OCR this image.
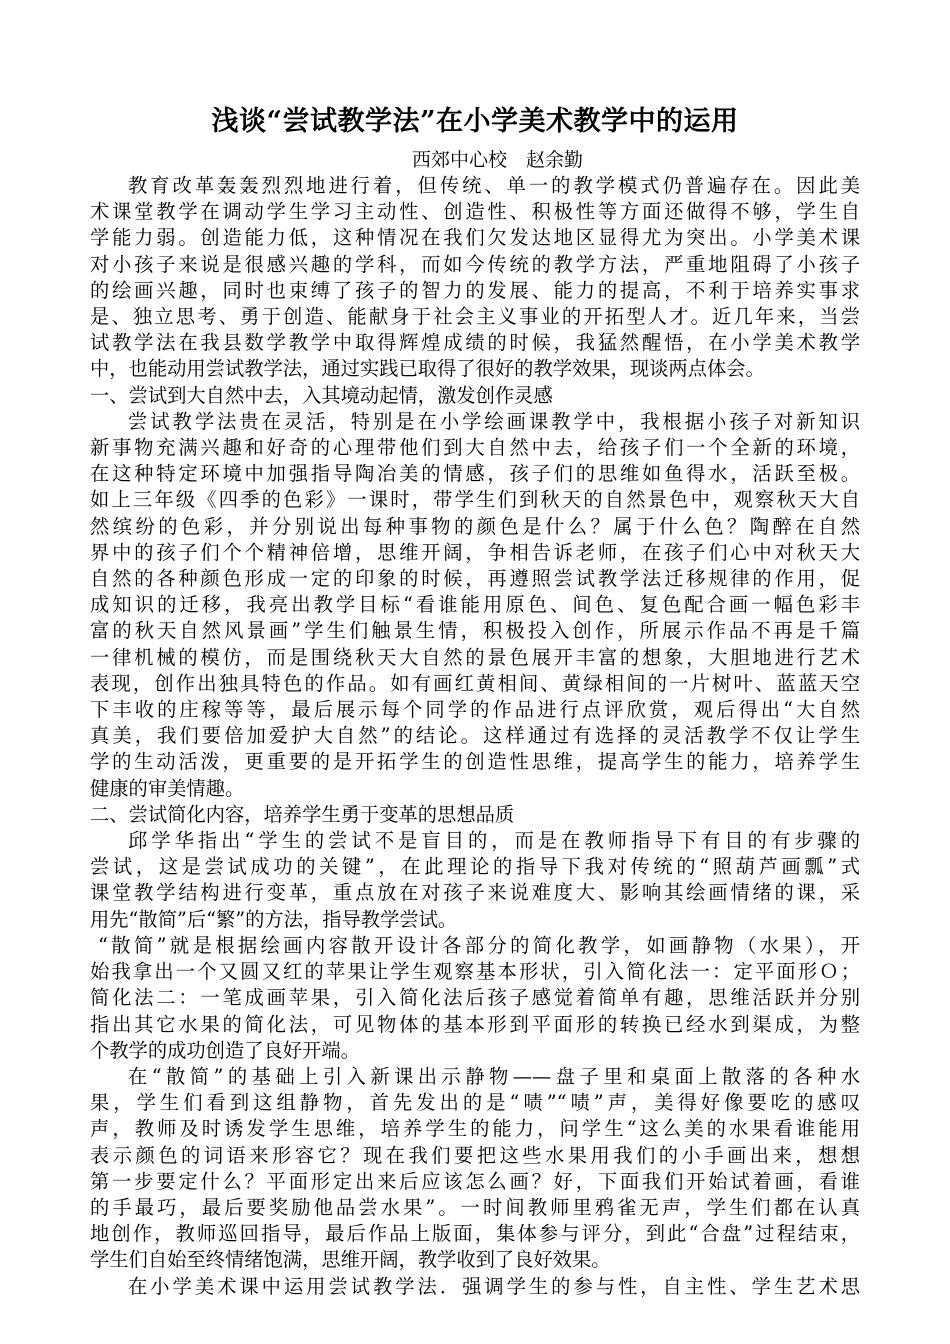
浅谈“尝试教学法”在小学美术教学中的运用
西郊中心校　赵余勤
教育改革轰轰烈烈地进行着，但传统、单一的教学模式仍普遍存在。因此美
术课堂教学在调动学生学习主动性、创造性、积极性等方面还做得不够，学生自
学能力弱。创造能力低，这种情况在我们欠发达地区显得尤为突出。小学美术课
对小孩子来说是很感兴趣的学科，而如今传统的教学方法，严重地阻碍了小孩子
的绘画兴趣，同时也束缚了孩子的智力的发展、能力的提高，不利于培养实事求
是、独立思考、勇于创造、能献身于社会主义事业的开拓型人才。近几年来，当尝
试教学法在我县数学教学中取得辉煌成绩的时候，我猛然醒悟，在小学美术教学
中，也能动用尝试教学法，通过实践已取得了很好的教学效果，现谈两点体会。
一、尝试到大自然中去，入其境动起情，激发创作灵感
尝试教学法贵在灵活，特别是在小学绘画课教学中，我根据小孩子对新知识
新事物充满兴趣和好奇的心理带他们到大自然中去，给孩子们一个全新的环境，
在这种特定环境中加强指导陶冶美的情感，孩子们的思维如鱼得水，活跃至极。
如上三年级《四季的色彩》一课时，带学生们到秋天的自然景色中，观察秋天大自
然缤纷的色彩，并分别说出每种事物的颜色是什么？属于什么色？陶醉在自然
界中的孩子们个个精神倍增，思维开阔，争相告诉老师，在孩子们心中对秋天大
自然的各种颜色形成一定的印象的时候，再遵照尝试教学法迁移规律的作用，促
成知识的迁移，我亮出教学目标“看谁能用原色、间色、复色配合画一幅色彩丰
富的秋天自然风景画”学生们触景生情，积极投入创作，所展示作品不再是千篇
一律机械的模仿，而是围绕秋天大自然的景色展开丰富的想象，大胆地进行艺术
表现，创作出独具特色的作品。如有画红黄相间、黄绿相间的一片树叶、蓝蓝天空
下丰收的庄稼等等，最后展示每个同学的作品进行点评欣赏，观后得出“大自然
真美，我们要倍加爱护大自然”的结论。这样通过有选择的灵活教学不仅让学生
学的生动活泼，更重要的是开拓学生的创造性思维，提高学生的能力，培养学生
健康的审美情趣。
二、尝试简化内容，培养学生勇于变革的思想品质
邱学华指出“学生的尝试不是盲目的，而是在教师指导下有目的有步骤的
尝试，这是尝试成功的关键”，在此理论的指导下我对传统的“照葫芦画瓢”式
课堂教学结构进行变革，重点放在对孩子来说难度大、影响其绘画情绪的课，采
用先“散简”后“繁”的方法，指导教学尝试。
“散简”就是根据绘画内容散开设计各部分的简化教学，如画静物（水果），开
始我拿出一个又圆又红的苹果让学生观察基本形状，引入简化法一：定平面形Ｏ；
简化法二：一笔成画苹果，引入简化法后孩子感觉着简单有趣，思维活跃并分别
指出其它水果的简化法，可见物体的基本形到平面形的转换已经水到渠成，为整
个教学的成功创造了良好开端。
在“散简”的基础上引入新课出示静物——盘子里和桌面上散落的各种水
果，学生们看到这组静物，首先发出的是“啧”“啧”声，美得好像要吃的感叹
声，教师及时诱发学生思维，培养学生的能力，问学生“这么美的水果看谁能用
表示颜色的词语来形容它？现在我们要把这些水果用我们的小手画出来，想想
第一步要定什么？平面形定出来后应该怎么画？好，下面我们开始试着画，看谁
的手最巧，最后要奖励他品尝水果”。一时间教师里鸦雀无声，学生们都在认真
地创作，教师巡回指导，最后作品上版面，集体参与评分，到此“合盘”过程结束，
学生们自始至终情绪饱满，思维开阔，教学收到了良好效果。
在小学美术课中运用尝试教学法．强调学生的参与性，自主性、学生艺术思
